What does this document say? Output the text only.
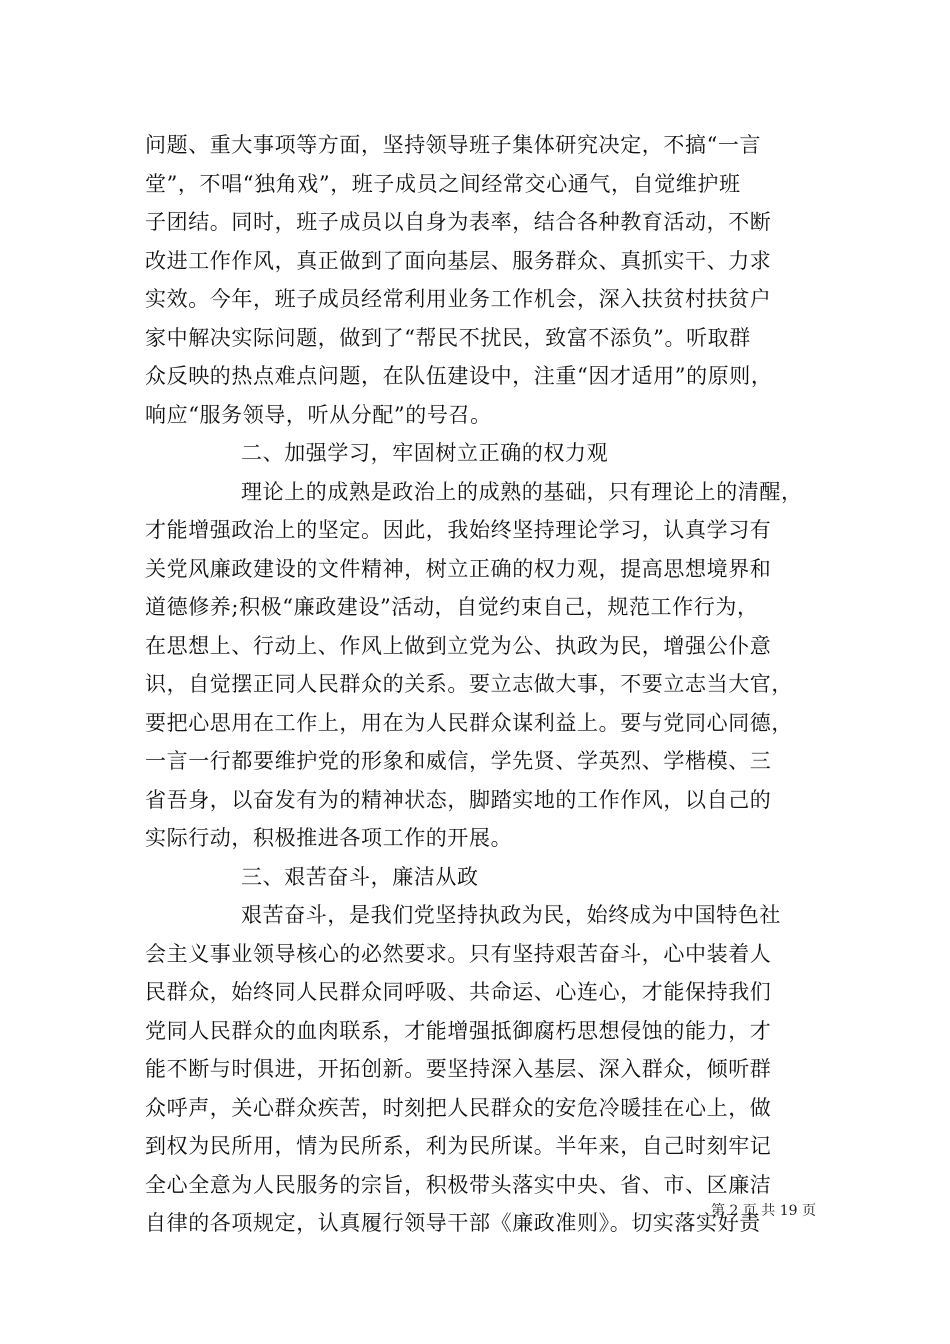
问题、重大事项等方面，坚持领导班子集体研究决定，不搞“一言
堂”，不唱“独角戏”，班子成员之间经常交心通气，自觉维护班
子团结。同时，班子成员以自身为表率，结合各种教育活动，不断
改进工作作风，真正做到了面向基层、服务群众、真抓实干、力求
实效。今年，班子成员经常利用业务工作机会，深入扶贫村扶贫户
家中解决实际问题，做到了“帮民不扰民，致富不添负”。听取群
众反映的热点难点问题，在队伍建设中，注重“因才适用”的原则，
响应“服务领导，听从分配”的号召。
二、加强学习，牢固树立正确的权力观
理论上的成熟是政治上的成熟的基础，只有理论上的清醒，
才能增强政治上的坚定。因此，我始终坚持理论学习，认真学习有
关党风廉政建设的文件精神，树立正确的权力观，提高思想境界和
道德修养;积极“廉政建设”活动，自觉约束自己，规范工作行为，
在思想上、行动上、作风上做到立党为公、执政为民，增强公仆意
识，自觉摆正同人民群众的关系。要立志做大事，不要立志当大官，
要把心思用在工作上，用在为人民群众谋利益上。要与党同心同德，
一言一行都要维护党的形象和威信，学先贤、学英烈、学楷模、三
省吾身，以奋发有为的精神状态，脚踏实地的工作作风，以自己的
实际行动，积极推进各项工作的开展。
三、艰苦奋斗，廉洁从政
艰苦奋斗，是我们党坚持执政为民，始终成为中国特色社
会主义事业领导核心的必然要求。只有坚持艰苦奋斗，心中装着人
民群众，始终同人民群众同呼吸、共命运、心连心，才能保持我们
党同人民群众的血肉联系，才能增强抵御腐朽思想侵蚀的能力，才
能不断与时俱进，开拓创新。要坚持深入基层、深入群众，倾听群
众呼声，关心群众疾苦，时刻把人民群众的安危冷暖挂在心上，做
到权为民所用，情为民所系，利为民所谋。半年来，自己时刻牢记
全心全意为人民服务的宗旨，积极带头落实中央、省、市、区廉洁
自律的各项规定，认真履行领导干部《廉政准则》。切实落实好责
第 2 页 共 19 页
